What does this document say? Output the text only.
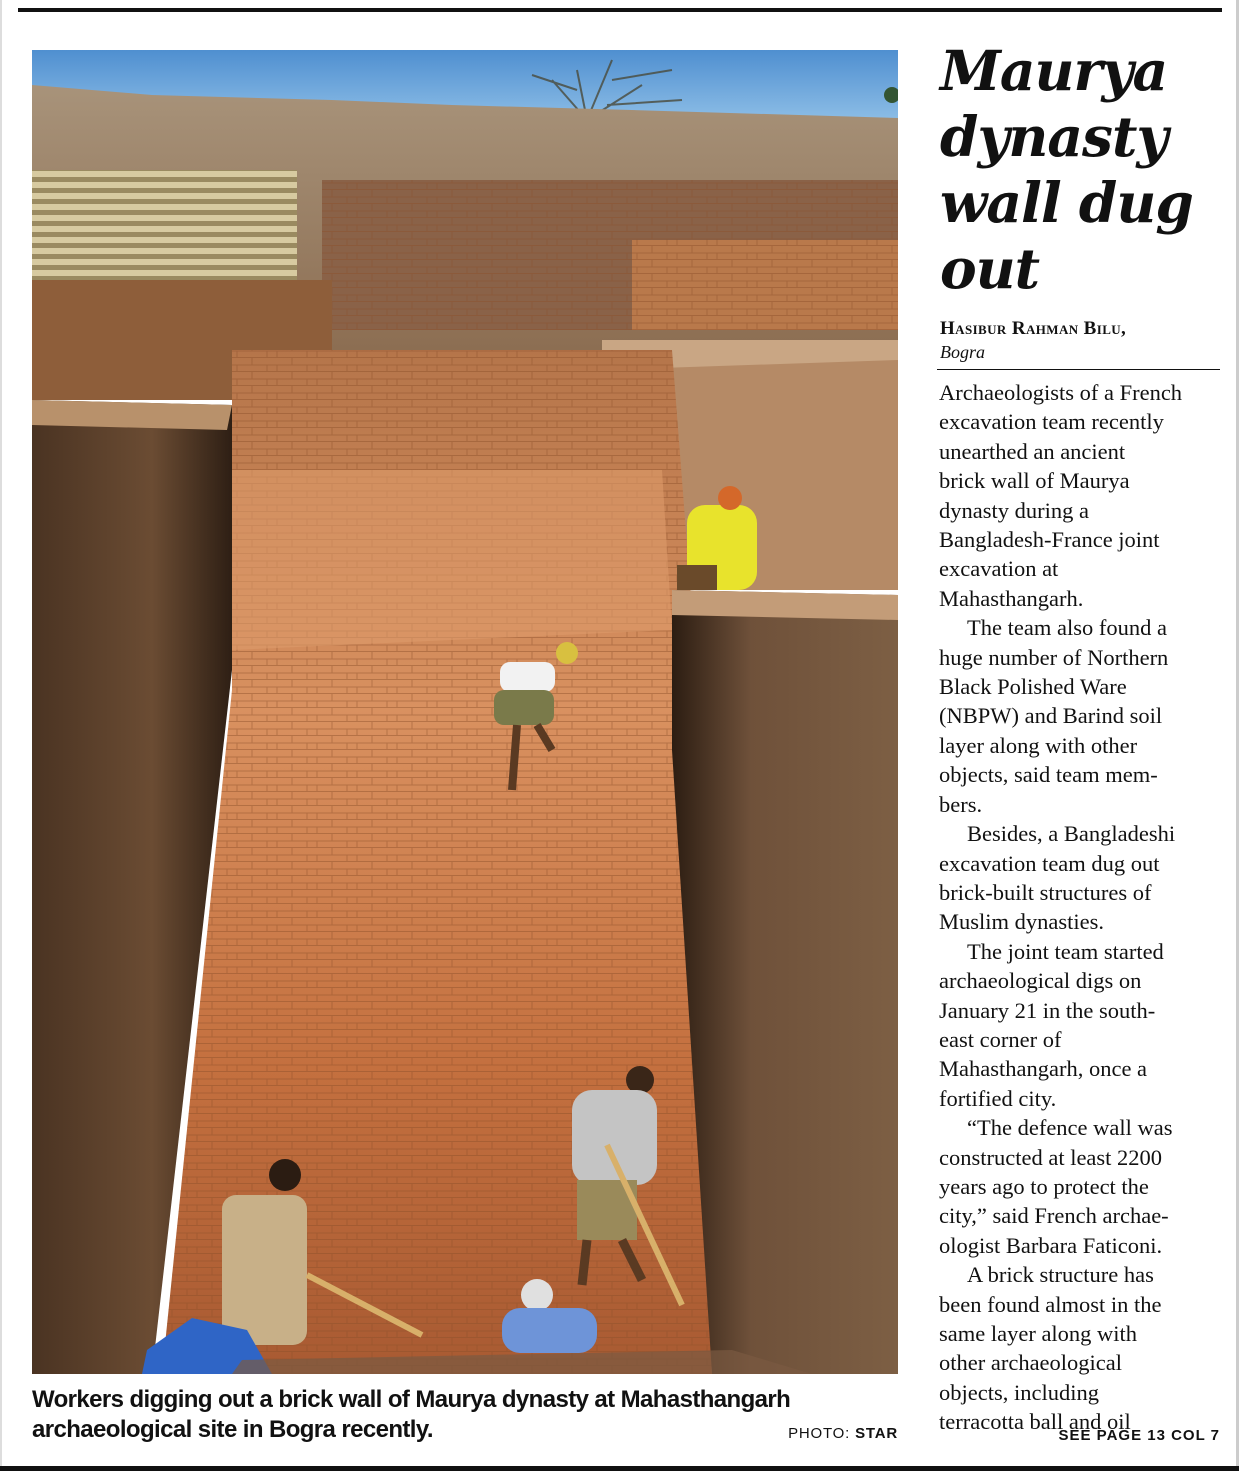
Workers digging out a brick wall of Maurya dynasty at Mahasthangarh archaeological site in Bogra recently.	PHOTO: STAR
Maurya dynasty wall dug out
Hasibur Rahman Bilu,
Bogra

Archaeologists of a French
excavation team recently
unearthed an ancient
brick wall of Maurya
dynasty during a
Bangladesh-France joint
excavation at
Mahasthangarh.

The team also found a
huge number of Northern
Black Polished Ware
(NBPW) and Barind soil
layer along with other
objects, said team mem-
bers.

Besides, a Bangladeshi
excavation team dug out
brick-built structures of
Muslim dynasties.

The joint team started
archaeological digs on
January 21 in the south-
east corner of
Mahasthangarh, once a
fortified city.

“The defence wall was
constructed at least 2200
years ago to protect the
city,” said French archae-
ologist Barbara Faticoni.

A brick structure has
been found almost in the
same layer along with
other archaeological
objects, including
terracotta ball and oil

SEE PAGE 13 COL 7
